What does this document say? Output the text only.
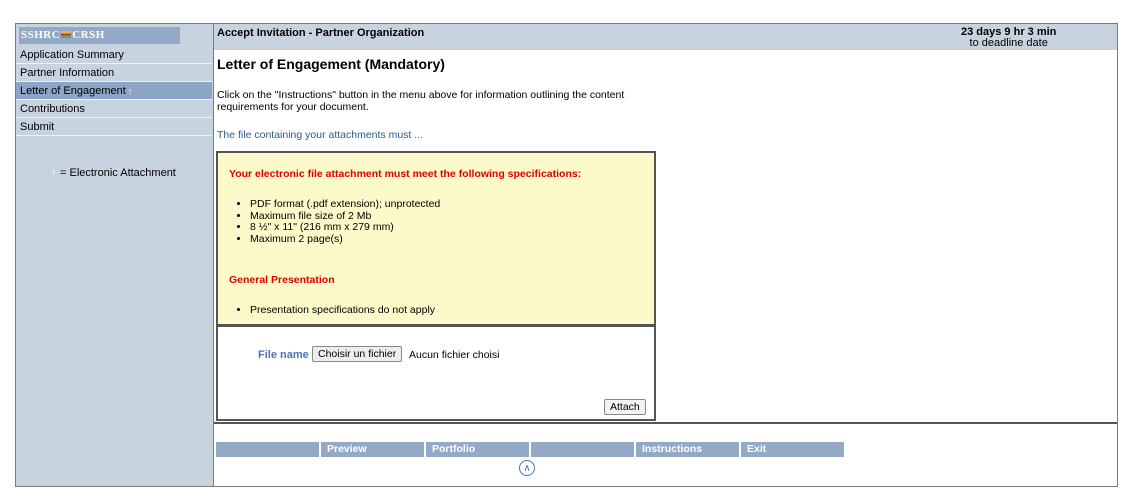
SSHRC CRSH
Application Summary
Partner Information
Letter of Engagement ↑
Contributions
Submit
↑ = Electronic Attachment
Accept Invitation - Partner Organization	23 days 9 hr 3 min
to deadline date
Letter of Engagement (Mandatory)
Click on the "Instructions" button in the menu above for information outlining the content requirements for your document.
The file containing your attachments must ...
Your electronic file attachment must meet the following specifications:
• PDF format (.pdf extension); unprotected
• Maximum file size of 2 Mb
• 8 ½" x 11" (216 mm x 279 mm)
• Maximum 2 page(s)
General Presentation
• Presentation specifications do not apply
File name Choisir un fichier	Aucun fichier choisi
Attach
Preview	Portfolio	Instructions	Exit
∧
